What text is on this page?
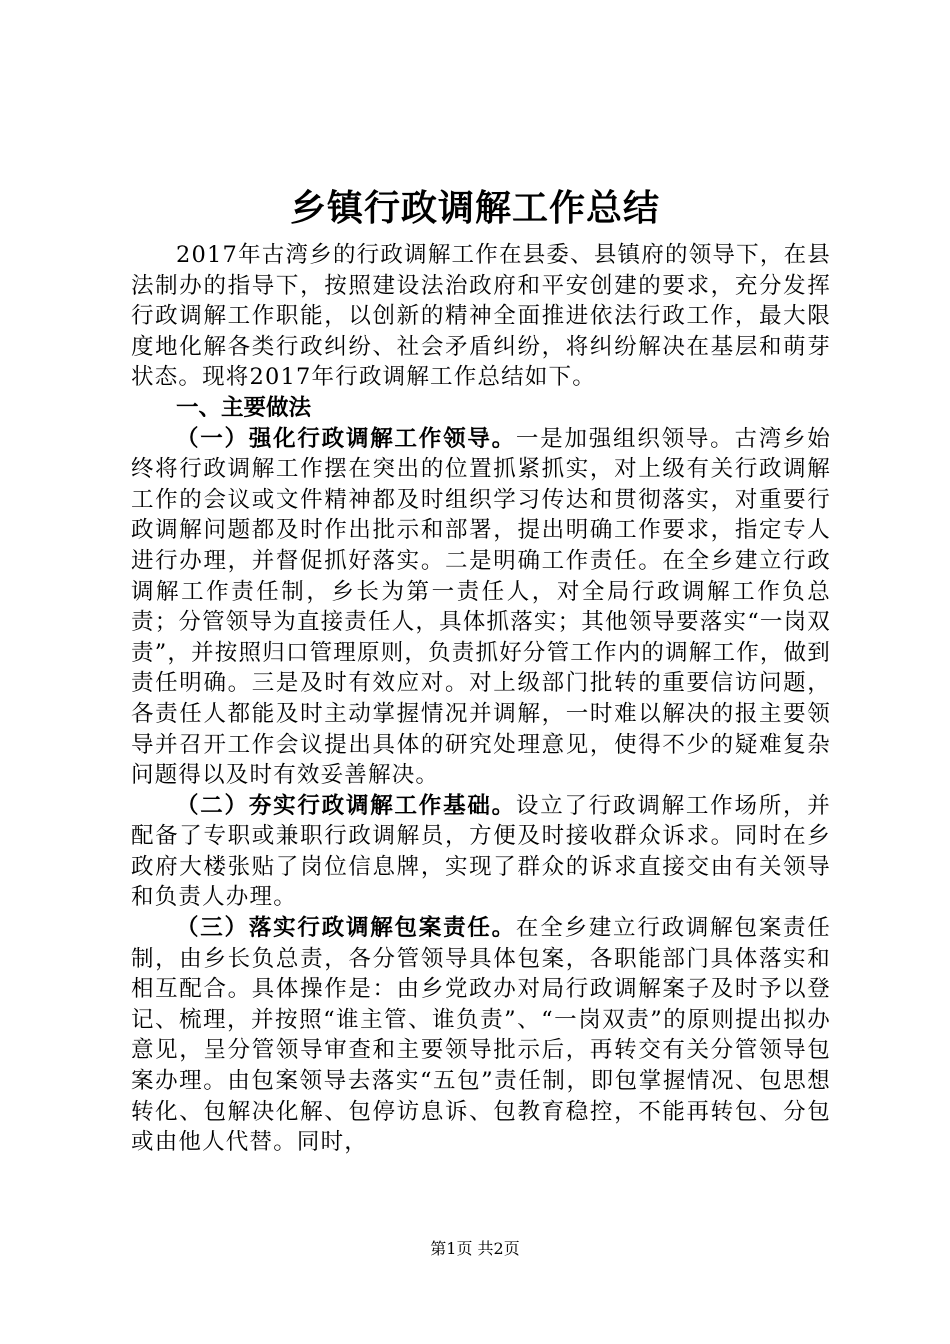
乡镇行政调解工作总结

2017年古湾乡的行政调解工作在县委、县镇府的领导下，在县法制办的指导下，按照建设法治政府和平安创建的要求，充分发挥行政调解工作职能，以创新的精神全面推进依法行政工作，最大限度地化解各类行政纠纷、社会矛盾纠纷，将纠纷解决在基层和萌芽状态。现将2017年行政调解工作总结如下。

一、主要做法

（一）强化行政调解工作领导。一是加强组织领导。古湾乡始终将行政调解工作摆在突出的位置抓紧抓实，对上级有关行政调解工作的会议或文件精神都及时组织学习传达和贯彻落实，对重要行政调解问题都及时作出批示和部署，提出明确工作要求，指定专人进行办理，并督促抓好落实。二是明确工作责任。在全乡建立行政调解工作责任制，乡长为第一责任人，对全局行政调解工作负总责；分管领导为直接责任人，具体抓落实；其他领导要落实“一岗双责”，并按照归口管理原则，负责抓好分管工作内的调解工作，做到责任明确。三是及时有效应对。对上级部门批转的重要信访问题，各责任人都能及时主动掌握情况并调解，一时难以解决的报主要领导并召开工作会议提出具体的研究处理意见，使得不少的疑难复杂问题得以及时有效妥善解决。

（二）夯实行政调解工作基础。设立了行政调解工作场所，并配备了专职或兼职行政调解员，方便及时接收群众诉求。同时在乡政府大楼张贴了岗位信息牌，实现了群众的诉求直接交由有关领导和负责人办理。

（三）落实行政调解包案责任。在全乡建立行政调解包案责任制，由乡长负总责，各分管领导具体包案，各职能部门具体落实和相互配合。具体操作是：由乡党政办对局行政调解案子及时予以登记、梳理，并按照“谁主管、谁负责”、“一岗双责”的原则提出拟办意见，呈分管领导审查和主要领导批示后，再转交有关分管领导包案办理。由包案领导去落实“五包”责任制，即包掌握情况、包思想转化、包解决化解、包停访息诉、包教育稳控，不能再转包、分包或由他人代替。同时，

第1页 共2页
